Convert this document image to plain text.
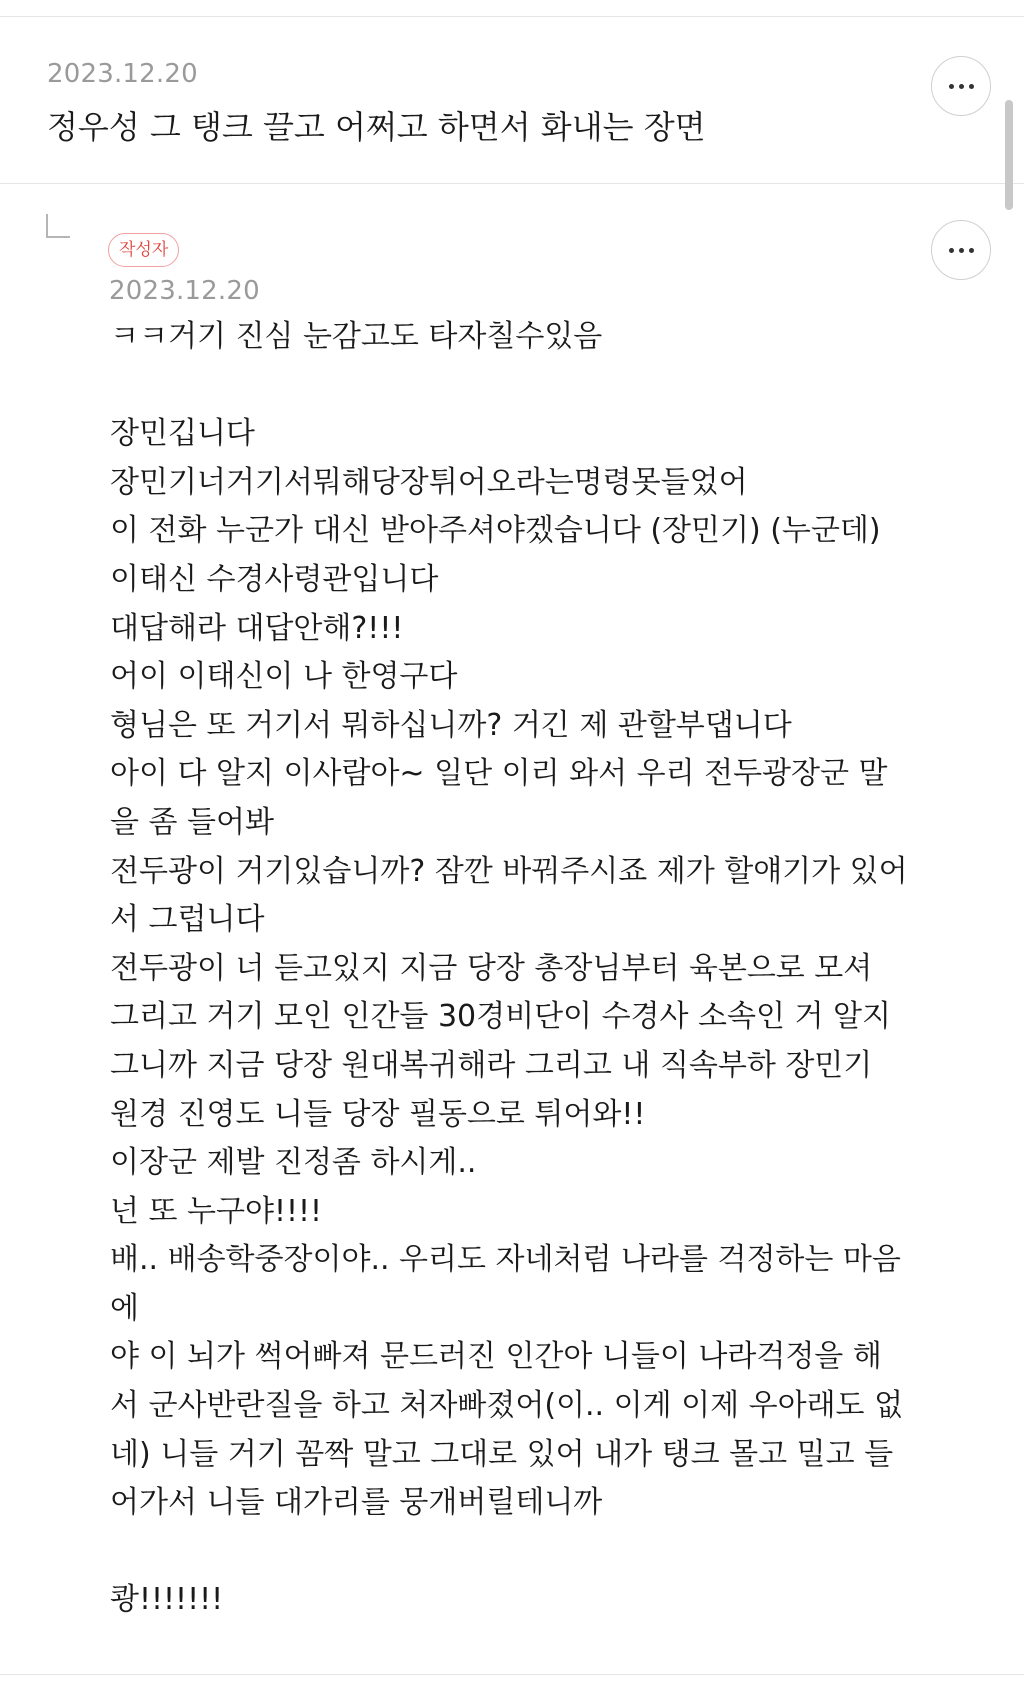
2023.12.20
정우성 그 탱크 끌고 어쩌고 하면서 화내는 장면
작성자
2023.12.20
ㅋㅋ거기 진심 눈감고도 타자칠수있음
장민깁니다
장민기너거기서뭐해당장튀어오라는명령못들었어
이 전화 누군가 대신 받아주셔야겠습니다 (장민기) (누군데)
이태신 수경사령관입니다
대답해라 대답안해?!!!
어이 이태신이 나 한영구다
형님은 또 거기서 뭐하십니까? 거긴 제 관할부댑니다
아이 다 알지 이사람아~ 일단 이리 와서 우리 전두광장군 말
을 좀 들어봐
전두광이 거기있습니까? 잠깐 바꿔주시죠 제가 할얘기가 있어
서 그럽니다
전두광이 너 듣고있지 지금 당장 총장님부터 육본으로 모셔
그리고 거기 모인 인간들 30경비단이 수경사 소속인 거 알지
그니까 지금 당장 원대복귀해라 그리고 내 직속부하 장민기
원경 진영도 니들 당장 필동으로 튀어와!!
이장군 제발 진정좀 하시게..
넌 또 누구야!!!!
배.. 배송학중장이야.. 우리도 자네처럼 나라를 걱정하는 마음
에
야 이 뇌가 썩어빠져 문드러진 인간아 니들이 나라걱정을 해
서 군사반란질을 하고 처자빠졌어(이.. 이게 이제 우아래도 없
네) 니들 거기 꼼짝 말고 그대로 있어 내가 탱크 몰고 밀고 들
어가서 니들 대가리를 뭉개버릴테니까
쾅!!!!!!!
